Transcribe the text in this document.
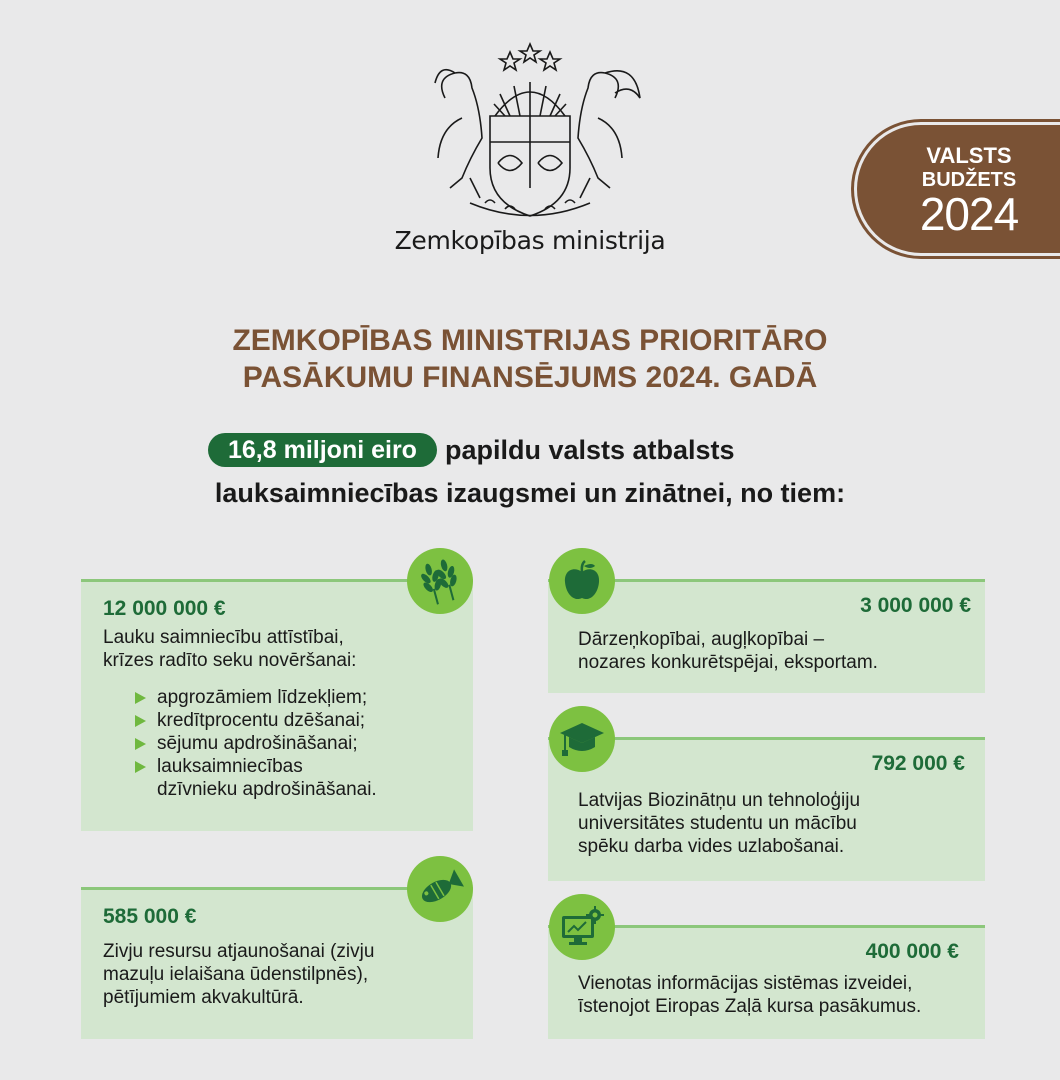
Zemkopības ministrija
VALSTS
BUDŽETS
2024
ZEMKOPĪBAS MINISTRIJAS PRIORITĀRO
PASĀKUMU FINANSĒJUMS 2024. GADĀ
16,8 miljoni eiro	papildu valsts atbalsts
lauksaimniecības izaugsmei un zinātnei, no tiem:
12 000 000 €
Lauku saimniecību attīstībai,
krīzes radīto seku novēršanai:
apgrozāmiem līdzekļiem;
kredītprocentu dzēšanai;
sējumu apdrošināšanai;
lauksaimniecības
dzīvnieku apdrošināšanai.
585 000 €
Zivju resursu atjaunošanai (zivju
mazuļu ielaišana ūdenstilpnēs),
pētījumiem akvakultūrā.
3 000 000 €
Dārzeņkopībai, augļkopībai –
nozares konkurētspējai, eksportam.
792 000 €
Latvijas Biozinātņu un tehnoloģiju
universitātes studentu un mācību
spēku darba vides uzlabošanai.
400 000 €
Vienotas informācijas sistēmas izveidei,
īstenojot Eiropas Zaļā kursa pasākumus.
